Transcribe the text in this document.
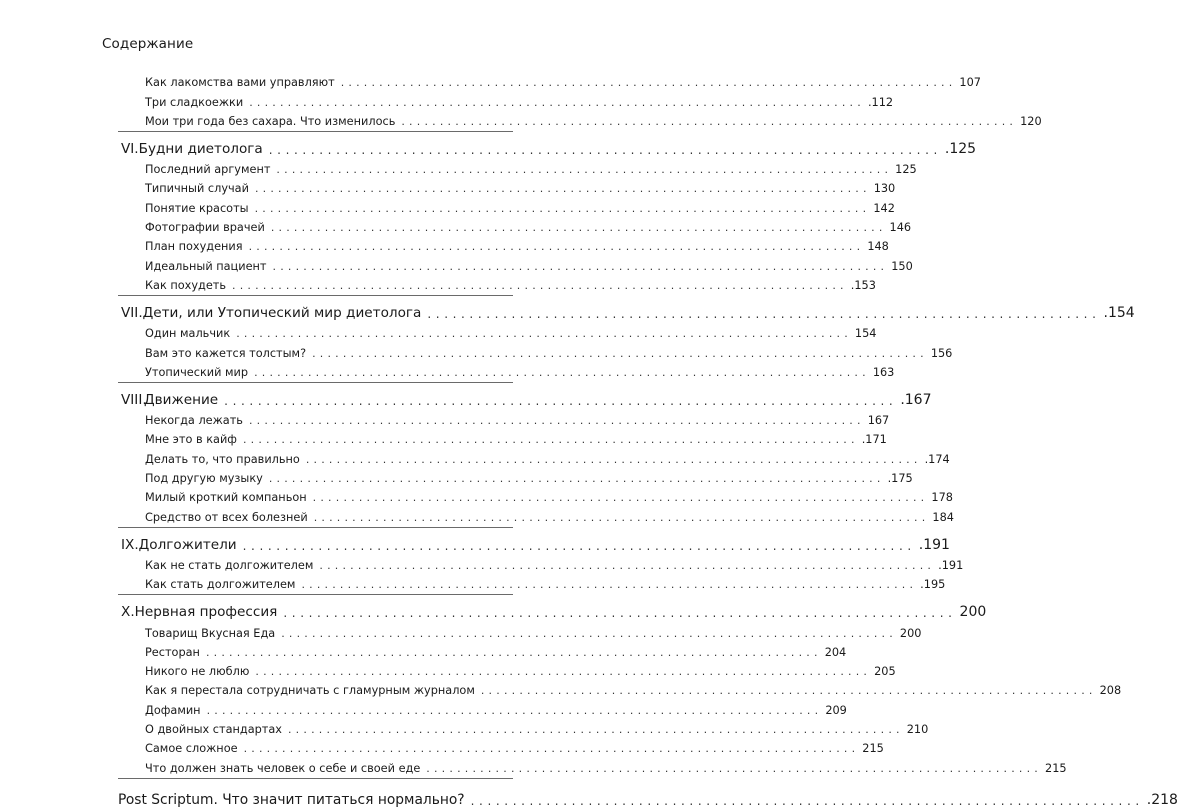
Содержание
Как лакомства вами управляют ................................................................................ 107
Три сладкоежки ................................................................................ .112
Мои три года без сахара. Что изменилось ................................................................................ 120
VI. Будни диетолога ................................................................................ .125
Последний аргумент ................................................................................ 125
Типичный случай ................................................................................ 130
Понятие красоты ................................................................................ 142
Фотографии врачей ................................................................................ 146
План похудения ................................................................................ 148
Идеальный пациент ................................................................................ 150
Как похудеть ................................................................................ .153
VII. Дети, или Утопический мир диетолога ................................................................................ .154
Один мальчик ................................................................................ 154
Вам это кажется толстым? ................................................................................ 156
Утопический мир ................................................................................ 163
VIII.
Движение ................................................................................ .167
Некогда лежать ................................................................................ 167
Мне это в кайф ................................................................................ .171
Делать то, что правильно ................................................................................ .174
Под другую музыку ................................................................................ .175
Милый кроткий компаньон ................................................................................ 178
Средство от всех болезней ................................................................................ 184
IX. Долгожители ................................................................................ .191
Как не стать долгожителем ................................................................................ .191
Как стать долгожителем ................................................................................ .195
X. Нервная профессия ................................................................................ 200
Товарищ Вкусная Еда ................................................................................ 200
Ресторан ................................................................................ 204
Никого не люблю ................................................................................ 205
Как я перестала сотрудничать с гламурным журналом ................................................................................ 208
Дофамин ................................................................................ 209
О двойных стандартах ................................................................................ 210
Самое сложное ................................................................................ 215
Что должен знать человек о себе и своей еде ................................................................................ 215
Post Scriptum. Что значит питаться нормально? ................................................................................ .218
